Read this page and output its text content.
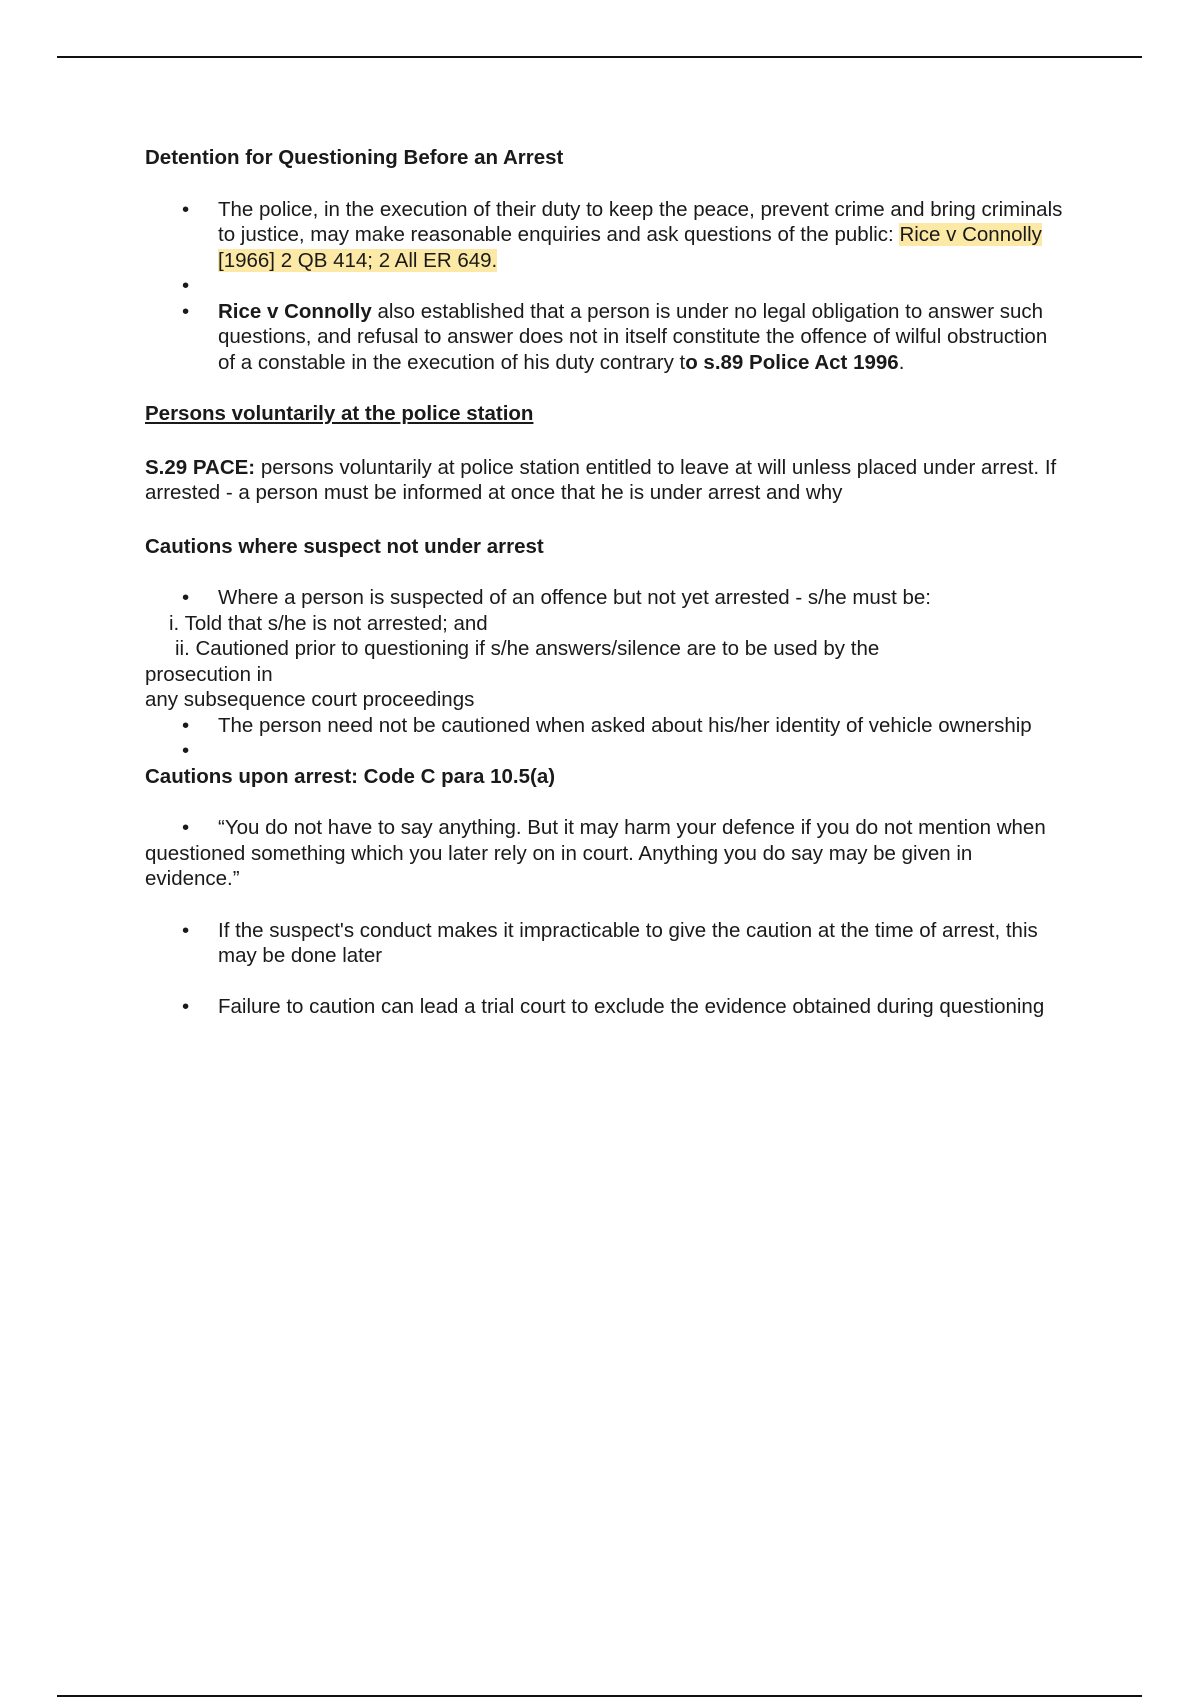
Detention for Questioning Before an Arrest

• The police, in the execution of their duty to keep the peace, prevent crime and bring criminals to justice, may make reasonable enquiries and ask questions of the public: Rice v Connolly [1966] 2 QB 414; 2 All ER 649.
•
• Rice v Connolly also established that a person is under no legal obligation to answer such questions, and refusal to answer does not in itself constitute the offence of wilful obstruction of a constable in the execution of his duty contrary to s.89 Police Act 1996.

Persons voluntarily at the police station

S.29 PACE: persons voluntarily at police station entitled to leave at will unless placed under arrest. If arrested - a person must be informed at once that he is under arrest and why

Cautions where suspect not under arrest

• Where a person is suspected of an offence but not yet arrested - s/he must be:

i. Told that s/he is not arrested; and

ii. Cautioned prior to questioning if s/he answers/silence are to be used by the

prosecution in

any subsequence court proceedings

• The person need not be cautioned when asked about his/her identity of vehicle ownership
•

Cautions upon arrest: Code C para 10.5(a)

• “You do not have to say anything. But it may harm your defence if you do not mention when

questioned something which you later rely on in court. Anything you do say may be given in evidence.”

• If the suspect's conduct makes it impracticable to give the caution at the time of arrest, this may be done later
• Failure to caution can lead a trial court to exclude the evidence obtained during questioning
